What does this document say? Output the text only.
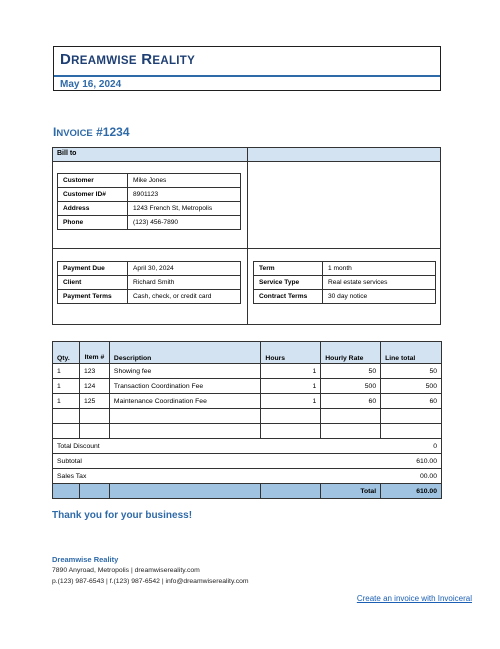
DREAMWISE REALITY
May 16, 2024
INVOICE #1234
Bill to
Customer	Mike Jones
Customer ID#	8901123
Address	1243 French St, Metropolis
Phone	(123) 456-7890
Payment Due	April 30, 2024
Client	Richard Smith
Payment Terms	Cash, check, or credit card
Term	1 month
Service Type	Real estate services
Contract Terms	30 day notice
Qty.	Item #	Description	Hours	Hourly Rate	Line total
1	123	Showing fee	1	50	50
1	124	Transaction Coordination Fee	1	500	500
1	125	Maintenance Coordination Fee	1	60	60

Total Discount					0
Subtotal					610.00
Sales Tax					00.00
				Total	610.00
Thank you for your business!
Dreamwise Reality
7890 Anyroad, Metropolis | dreamwisereality.com
p.(123) 987-6543 | f.(123) 987-6542 | info@dreamwisereality.com
Create an invoice with Invoiceral
